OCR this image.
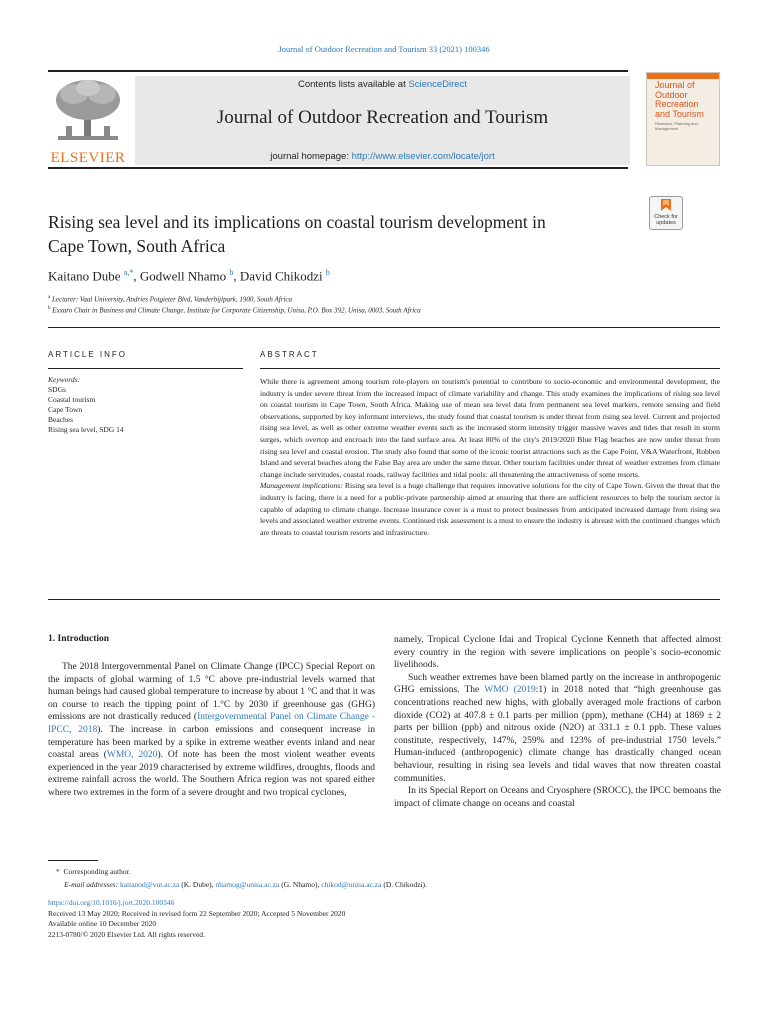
Journal of Outdoor Recreation and Tourism 33 (2021) 100346
ELSEVIER
Contents lists available at ScienceDirect
Journal of Outdoor Recreation and Tourism
journal homepage: http://www.elsevier.com/locate/jort
Journal of
Outdoor
Recreation
and Tourism
Research, Planning and Management
Check for
updates
Rising sea level and its implications on coastal tourism development in
Cape Town, South Africa
Kaitano Dube $^{a,*}$, Godwell Nhamo $^b$, David Chikodzi $^b$
$^a$ Lecturer: Vaal University, Andries Potgieter Blvd, Vanderbijlpark, 1900, South Africa
$^b$ Exxaro Chair in Business and Climate Change, Institute for Corporate Citizenship, Unisa, P.O. Box 392, Unisa, 0003, South Africa
ARTICLE INFO	ABSTRACT
Keywords:
SDGs
Coastal tourism
Cape Town
Beaches
Rising sea level, SDG 14

While there is agreement among tourism role-players on tourism's potential to contribute to socio-economic and environmental development, the industry is under severe threat from the increased impact of climate variability and change. This study examines the implications of rising sea level on coastal tourism in Cape Town, South Africa. Making use of mean sea level data from permanent sea level markers, remote sensing and field observations, supported by key informant interviews, the study found that coastal tourism is under threat from rising sea level. Current and projected rising sea level, as well as other extreme weather events such as the increased storm intensity trigger massive waves and tides that result in storm surges, which overtop and encroach into the land surface area. At least 80% of the city's 2019/2020 Blue Flag beaches are now under threat from rising sea level and coastal erosion. The study also found that some of the iconic tourist attractions such as the Cape Point, V&A Waterfront, Robben Island and several beaches along the False Bay area are under the same threat. Other tourism facilities under threat of weather extremes from climate change include servitudes, coastal roads, railway facilities and tidal pools: all threatening the attractiveness of some resorts.

Management implications: Rising sea level is a huge challenge that requires innovative solutions for the city of Cape Town. Given the threat that the industry is facing, there is a need for a public-private partnership aimed at ensuring that there are sufficient resources to help the tourism sector is capable of adapting to climate change. Increase insurance cover is a must to protect businesses from anticipated increased damage from rising sea levels and associated weather extreme events. Continued risk assessment is a must to ensure the industry is abreast with the continued changes which are threats to coastal tourism resorts and infrastructure.

1. Introduction

The 2018 Intergovernmental Panel on Climate Change (IPCC) Special Report on the impacts of global warming of 1.5 °C above pre-industrial levels warned that human beings had caused global temperature to increase by about 1 °C and that it was on course to reach the tipping point of 1.°C by 2030 if greenhouse gas (GHG) emissions are not drastically reduced (Intergovernmental Panel on Climate Change - IPCC, 2018). The increase in carbon emissions and consequent increase in temperature has been marked by a spike in extreme weather events inland and near coastal areas (WMO, 2020). Of note has been the most violent weather events experienced in the year 2019 characterised by extreme wildfires, droughts, floods and extreme rainfall across the world. The Southern Africa region was not spared either where two extremes in the form of a severe drought and two tropical cyclones,

namely, Tropical Cyclone Idai and Tropical Cyclone Kenneth that affected almost every country in the region with severe implications on people`s socio-economic livelihoods.

Such weather extremes have been blamed partly on the increase in anthropogenic GHG emissions. The WMO (2019:1) in 2018 noted that “high greenhouse gas concentrations reached new highs, with globally averaged mole fractions of carbon dioxide (CO2) at 407.8 ± 0.1 parts per million (ppm), methane (CH4) at 1869 ± 2 parts per billion (ppb) and nitrous oxide (N2O) at 331.1 ± 0.1 ppb. These values constitute, respectively, 147%, 259% and 123% of pre-industrial 1750 levels.” Human-induced (anthropogenic) climate change has drastically changed ocean behaviour, resulting in rising sea levels and tidal waves that now threaten coastal communities.

In its Special Report on Oceans and Cryosphere (SROCC), the IPCC bemoans the impact of climate change on oceans and coastal

* Corresponding author.
E-mail addresses: kaitanod@vut.ac.za (K. Dube), nhamog@unisa.ac.za (G. Nhamo), chikod@unisa.ac.za (D. Chikodzi).
https://doi.org/10.1016/j.jort.2020.100346
Received 13 May 2020; Received in revised form 22 September 2020; Accepted 5 November 2020
Available online 10 December 2020
2213-0780/© 2020 Elsevier Ltd. All rights reserved.
